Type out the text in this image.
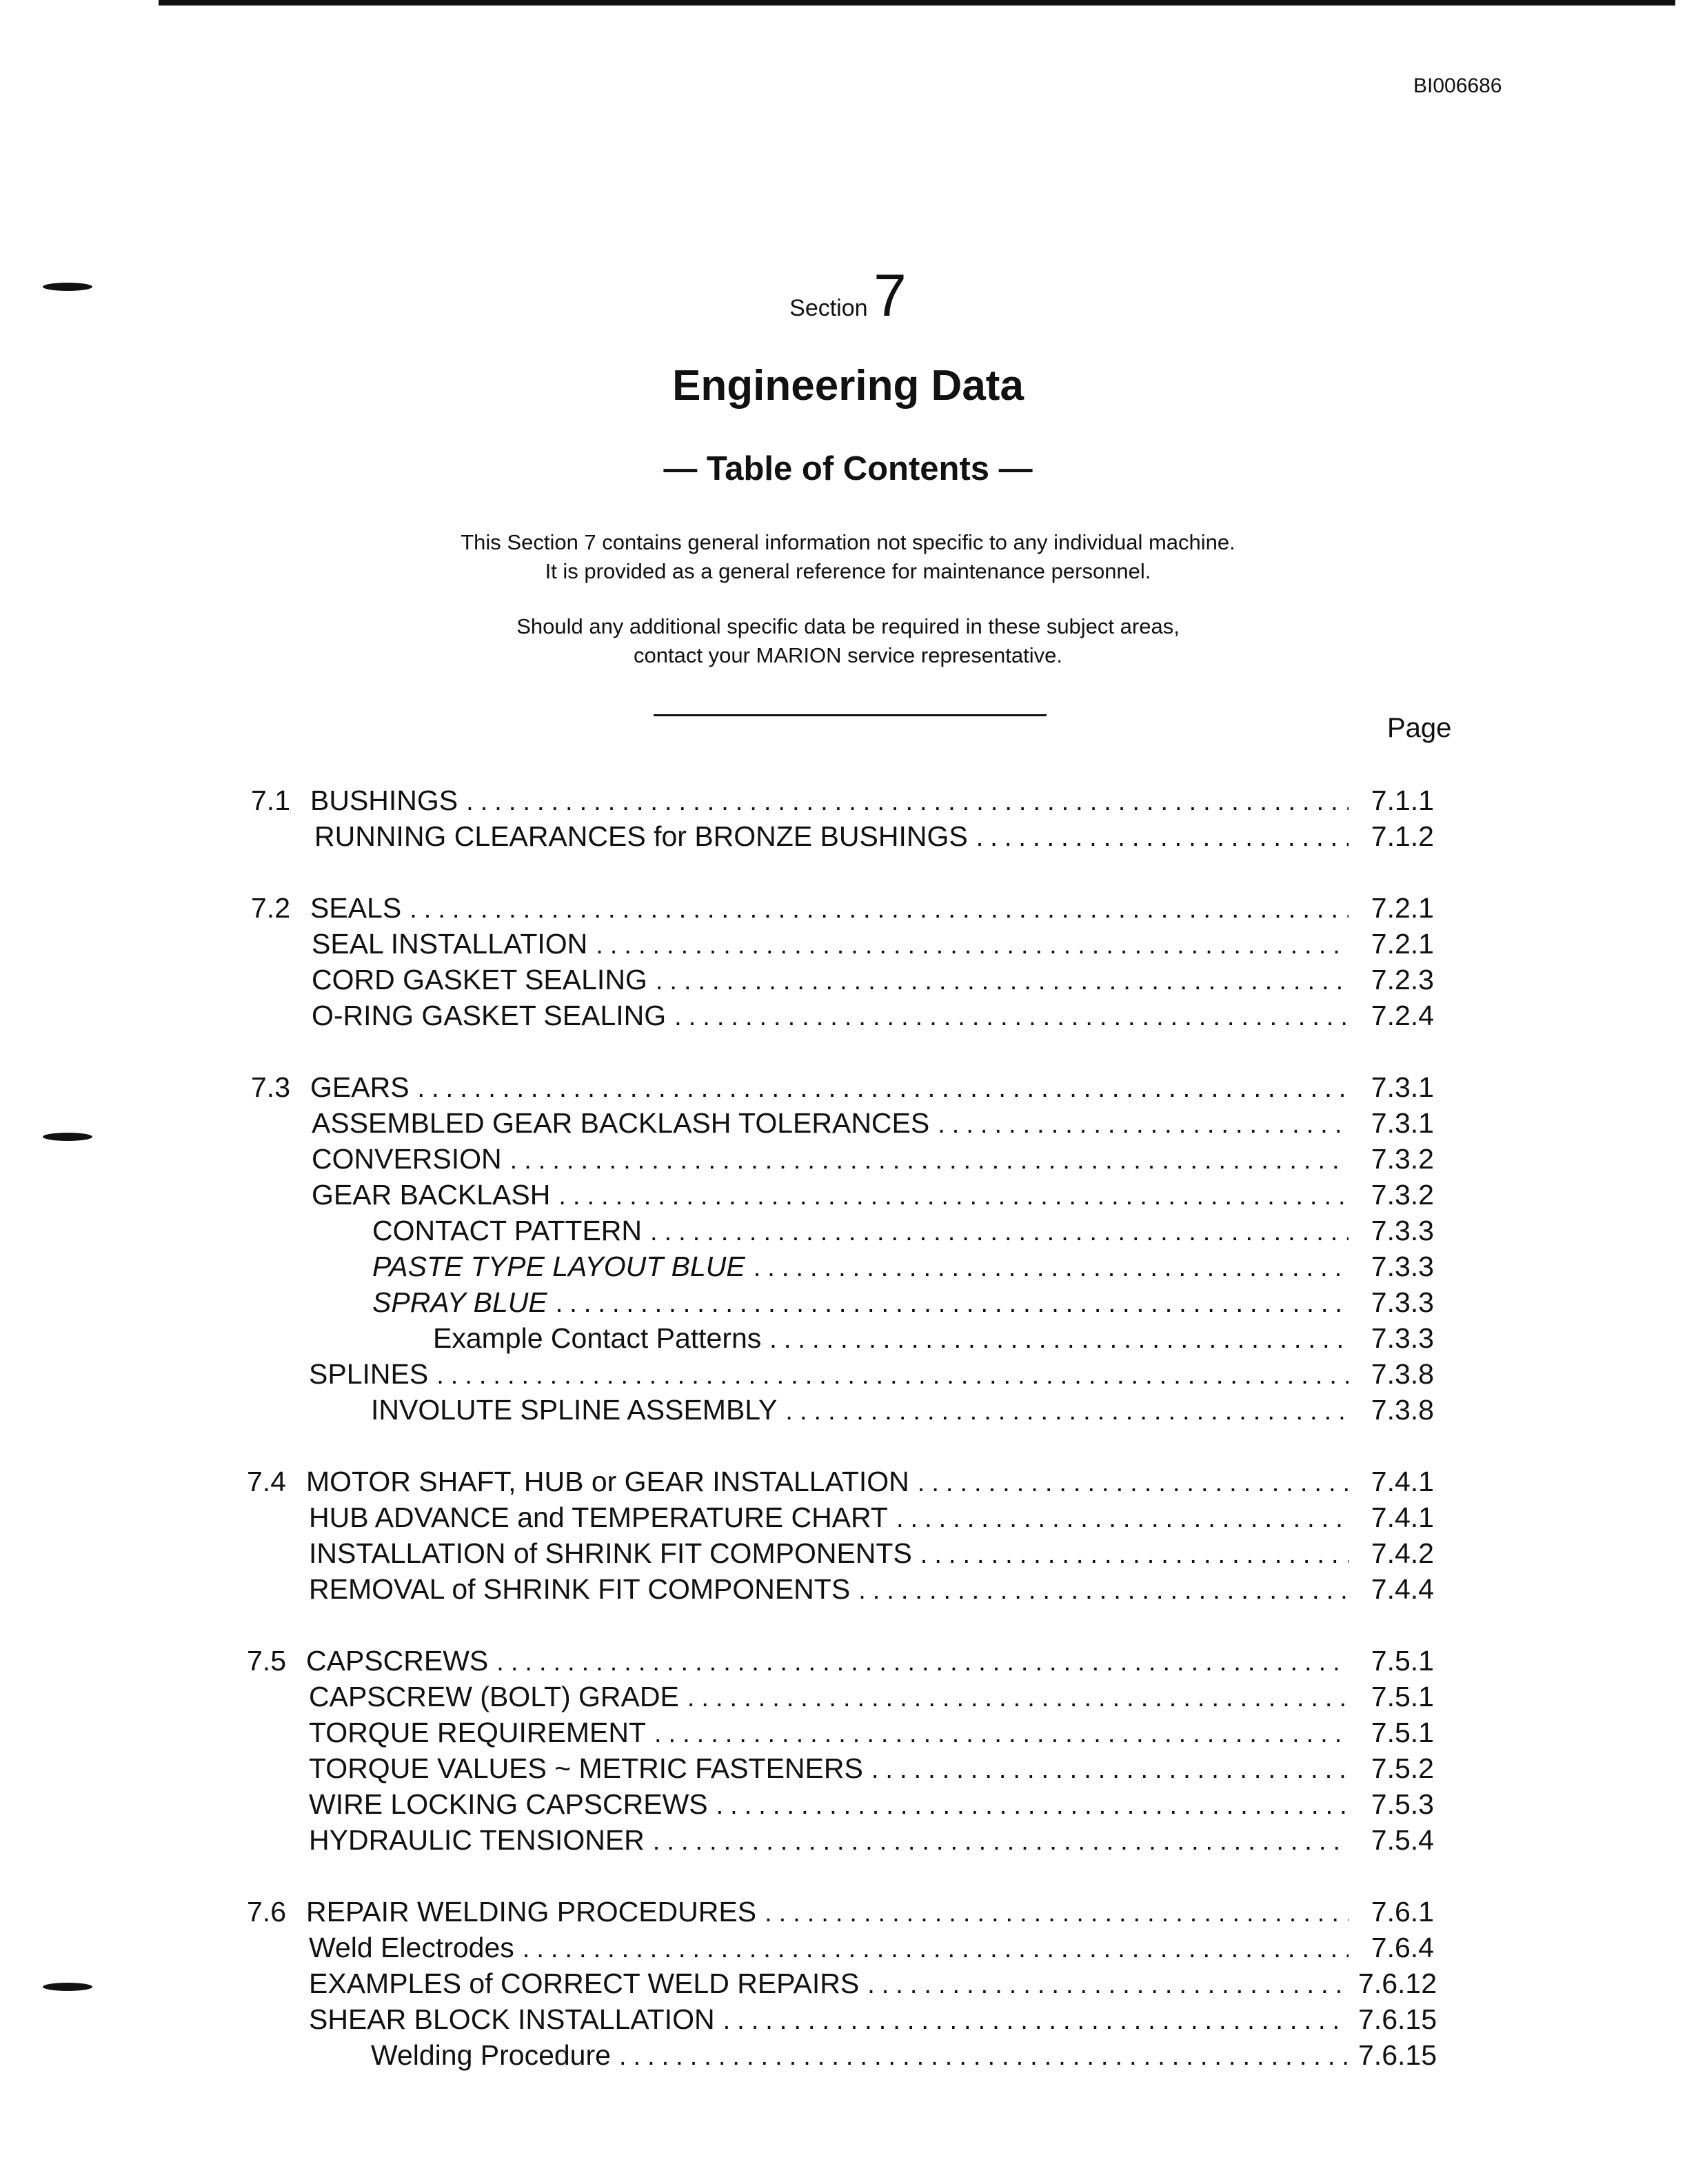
BI006686
Section 7
Engineering Data
— Table of Contents —
This Section 7 contains general information not specific to any individual machine.
It is provided as a general reference for maintenance personnel.
Should any additional specific data be required in these subject areas,
contact your MARION service representative.
Page
7.1 BUSHINGS .....	7.1.1
RUNNING CLEARANCES for BRONZE BUSHINGS .....	7.1.2
7.2 SEALS .....	7.2.1
SEAL INSTALLATION .....	7.2.1
CORD GASKET SEALING .....	7.2.3
O-RING GASKET SEALING .....	7.2.4
7.3 GEARS .....	7.3.1
ASSEMBLED GEAR BACKLASH TOLERANCES .....	7.3.1
CONVERSION .....	7.3.2
GEAR BACKLASH .....	7.3.2
CONTACT PATTERN .....	7.3.3
PASTE TYPE LAYOUT BLUE .....	7.3.3
SPRAY BLUE .....	7.3.3
Example Contact Patterns .....	7.3.3
SPLINES .....	7.3.8
INVOLUTE SPLINE ASSEMBLY .....	7.3.8
7.4 MOTOR SHAFT, HUB or GEAR INSTALLATION .....	7.4.1
HUB ADVANCE and TEMPERATURE CHART .....	7.4.1
INSTALLATION of SHRINK FIT COMPONENTS .....	7.4.2
REMOVAL of SHRINK FIT COMPONENTS .....	7.4.4
7.5 CAPSCREWS .....	7.5.1
CAPSCREW (BOLT) GRADE .....	7.5.1
TORQUE REQUIREMENT .....	7.5.1
TORQUE VALUES ~ METRIC FASTENERS .....	7.5.2
WIRE LOCKING CAPSCREWS .....	7.5.3
HYDRAULIC TENSIONER .....	7.5.4
7.6 REPAIR WELDING PROCEDURES .....	7.6.1
Weld Electrodes .....	7.6.4
EXAMPLES of CORRECT WELD REPAIRS .....	7.6.12
SHEAR BLOCK INSTALLATION .....	7.6.15
Welding Procedure .....	7.6.15
